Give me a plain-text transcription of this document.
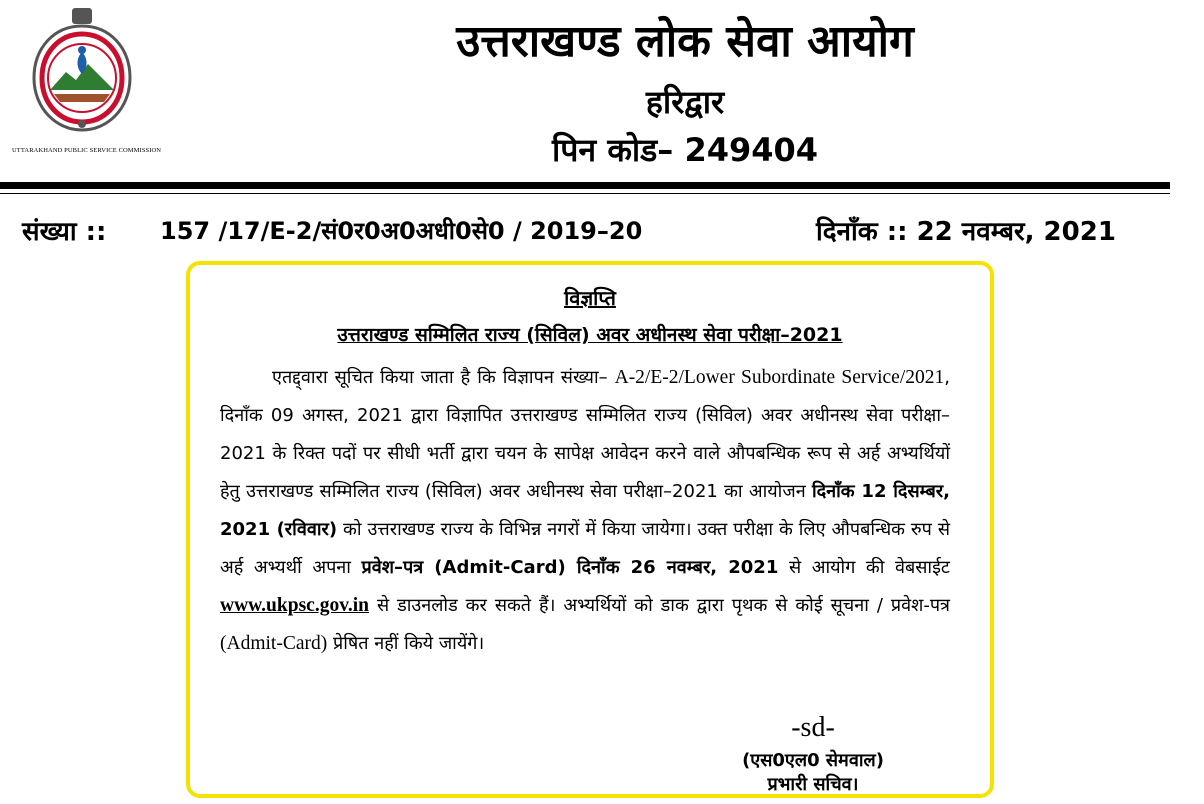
UTTARAKHAND PUBLIC SERVICE COMMISSION
उत्तराखण्ड लोक सेवा आयोग
हरिद्वार
पिन कोड– 249404
संख्या :: 157 /17/E-2/सं0र0अ0अधी0से0 / 2019–20	दिनाँक :: 22 नवम्बर, 2021
विज्ञप्ति
उत्तराखण्ड सम्मिलित राज्य (सिविल) अवर अधीनस्थ सेवा परीक्षा–2021

एतद्द्वारा सूचित किया जाता है कि विज्ञापन संख्या– A-2/E-2/Lower Subordinate Service/2021, दिनाँक 09 अगस्त, 2021 द्वारा विज्ञापित उत्तराखण्ड सम्मिलित राज्य (सिविल) अवर अधीनस्थ सेवा परीक्षा–2021 के रिक्त पदों पर सीधी भर्ती द्वारा चयन के सापेक्ष आवेदन करने वाले औपबन्धिक रूप से अर्ह अभ्यर्थियों हेतु उत्तराखण्ड सम्मिलित राज्य (सिविल) अवर अधीनस्थ सेवा परीक्षा–2021 का आयोजन दिनाँक 12 दिसम्बर, 2021 (रविवार) को उत्तराखण्ड राज्य के विभिन्न नगरों में किया जायेगा। उक्त परीक्षा के लिए औपबन्धिक रुप से अर्ह अभ्यर्थी अपना प्रवेश–पत्र (Admit-Card) दिनाँक 26 नवम्बर, 2021 से आयोग की वेबसाईट www.ukpsc.gov.in से डाउनलोड कर सकते हैं। अभ्यर्थियों को डाक द्वारा पृथक से कोई सूचना / प्रवेश-पत्र (Admit-Card) प्रेषित नहीं किये जायेंगे।

-sd-
(एस0एल0 सेमवाल)
प्रभारी सचिव।
